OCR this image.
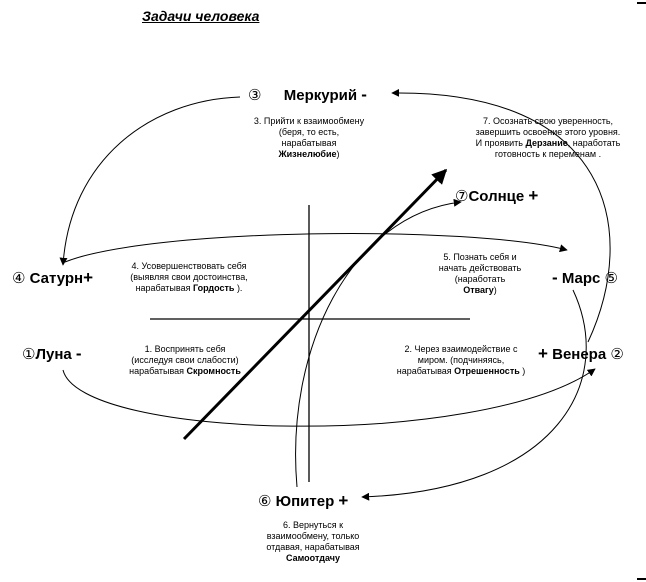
Задачи человека
③ Меркурий -
⑦Солнце +
④ Сатурн+	- Марс ⑤
①Луна -	+ Венера ②
⑥ Юпитер +
3. Прийти к взаимообмену
(беря, то есть,
нарабатывая
Жизнелюбие)
7. Осознать свою уверенность,
завершить освоение этого уровня.
И проявить Дерзание, наработать
готовность к переменам .
4. Усовершенствовать себя
(выявляя свои достоинства,
нарабатывая Гордость ).
5. Познать себя и
начать действовать
(наработать
Отвагу)
1. Воспринять себя
(исследуя свои слабости)
нарабатывая Скромность
2. Через взаимодействие с
миром. (подчиняясь,
нарабатывая Отрешенность )
6. Вернуться к
взаимообмену, только
отдавая, нарабатывая
Самоотдачу
